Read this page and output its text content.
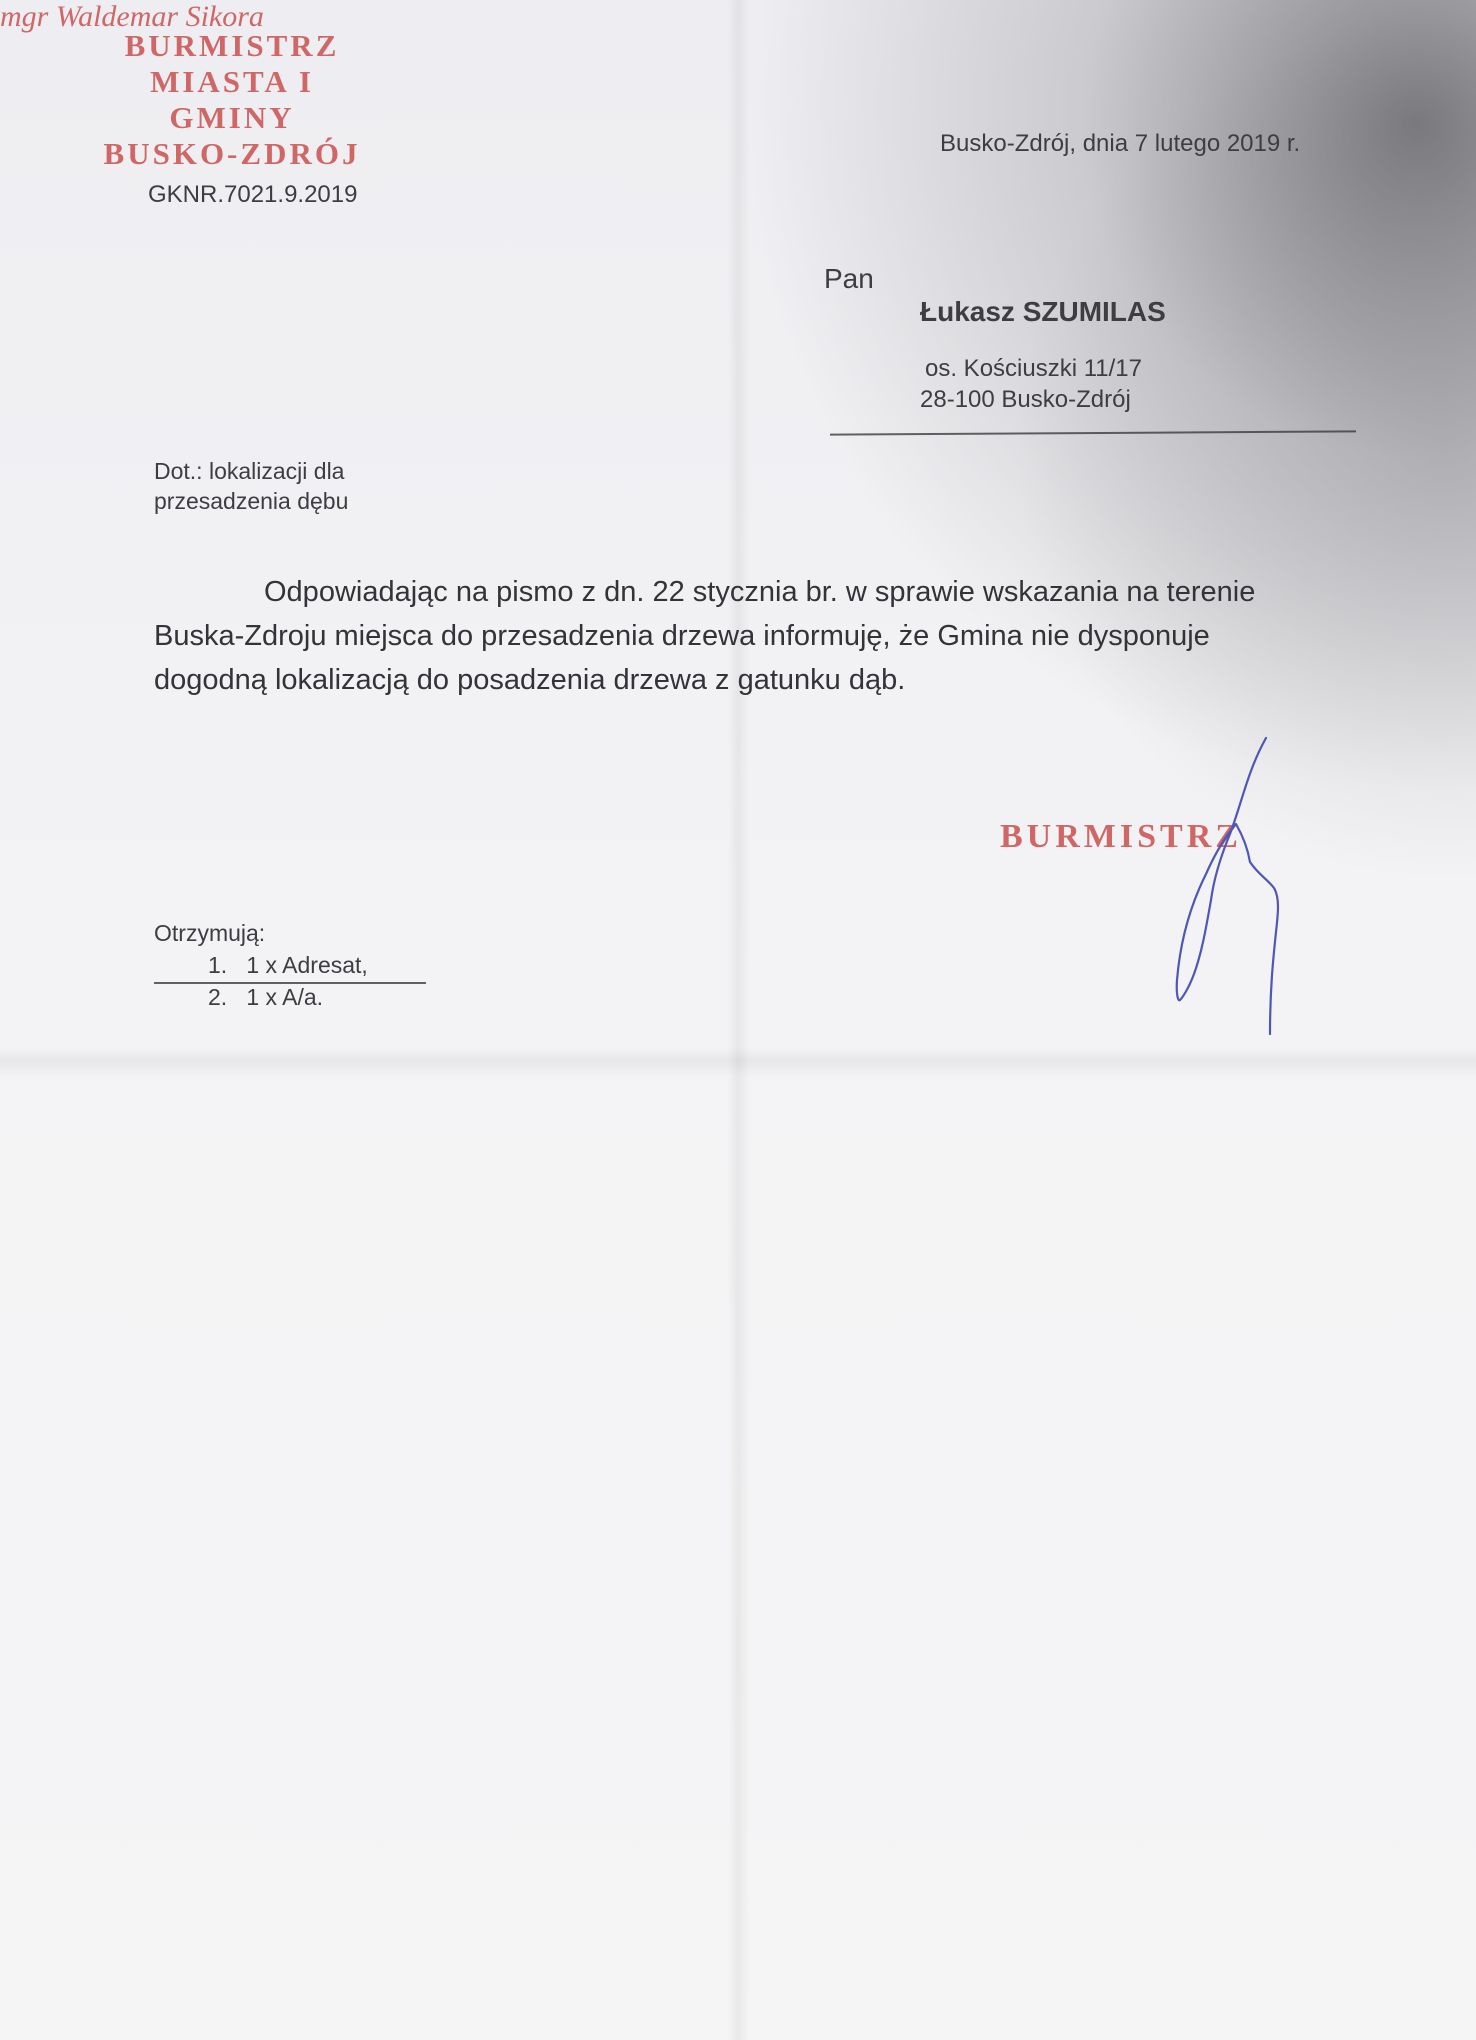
BURMISTRZ
MIASTA I GMINY
BUSKO-ZDRÓJ
GKNR.7021.9.2019
Busko-Zdrój, dnia 7 lutego 2019 r.
Pan
Łukasz SZUMILAS
os. Kościuszki 11/17
28-100 Busko-Zdrój
Dot.: lokalizacji dla
przesadzenia dębu
Odpowiadając na pismo z dn. 22 stycznia br. w sprawie wskazania na terenie
Buska-Zdroju miejsca do przesadzenia drzewa informuję, że Gmina nie dysponuje
dogodną lokalizacją do posadzenia drzewa z gatunku dąb.
BURMISTRZ
mgr Waldemar Sikora
Otrzymują:
1.   1 x Adresat,
2.   1 x A/a.
